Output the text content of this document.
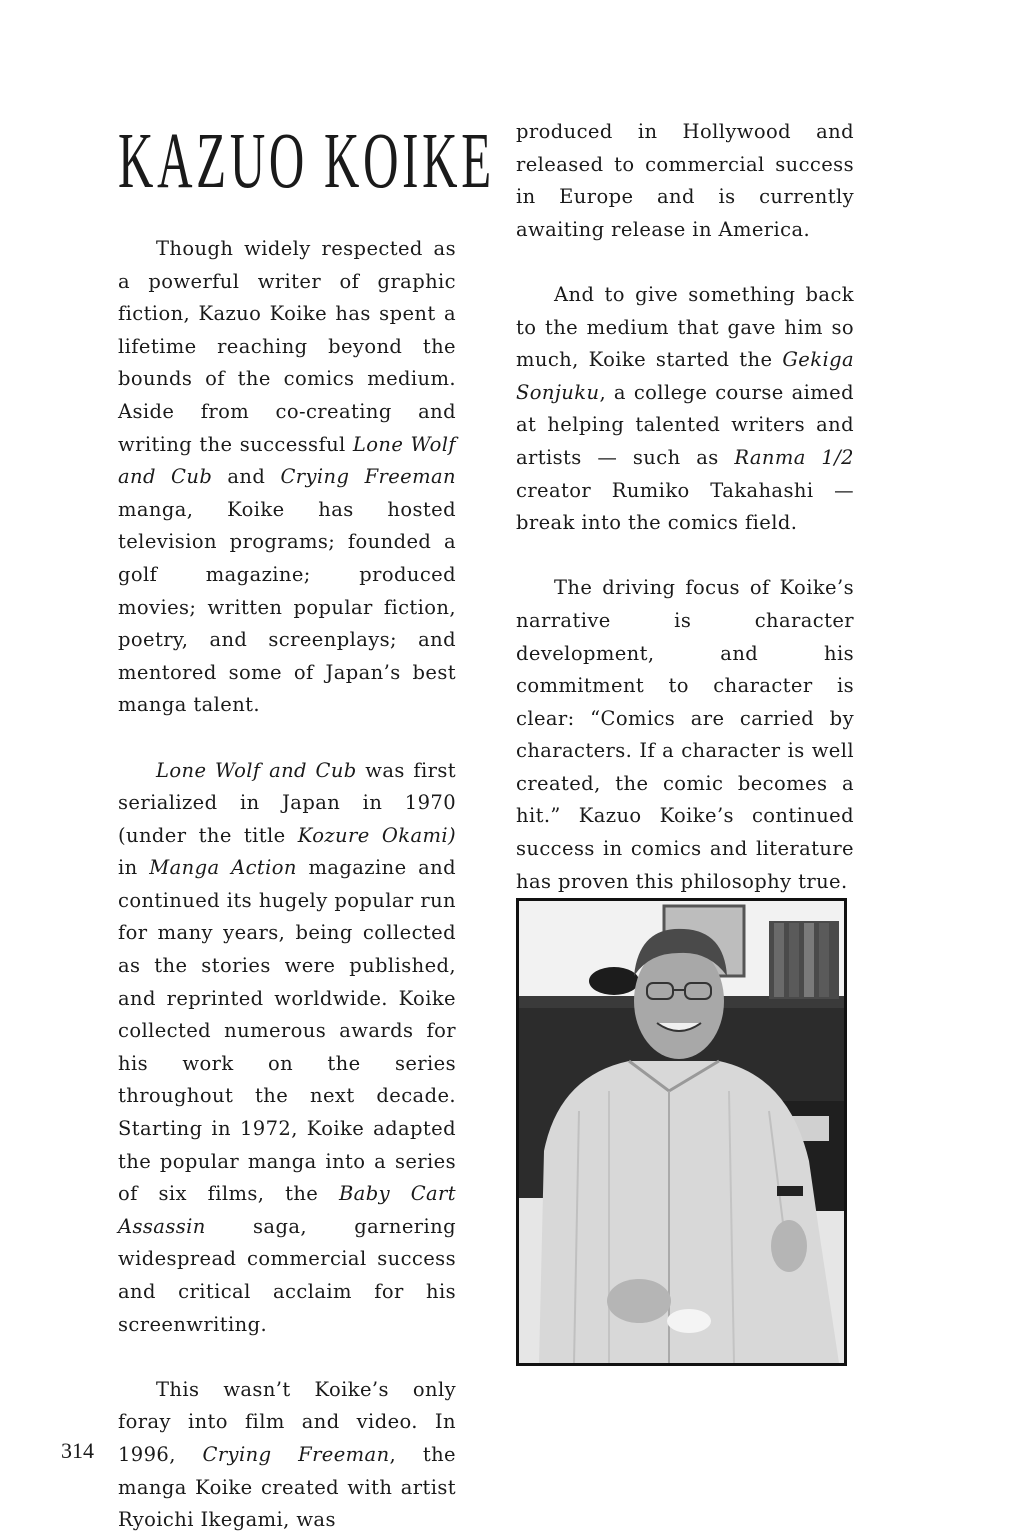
KAZUO KOIKE

Though widely respected as a powerful writer of graphic fiction, Kazuo Koike has spent a lifetime reaching beyond the bounds of the comics medium. Aside from co-creating and writing the successful Lone Wolf and Cub and Crying Freeman manga, Koike has hosted television programs; founded a golf magazine; produced movies; written popular fiction, poetry, and screenplays; and mentored some of Japan’s best manga talent.

Lone Wolf and Cub was first serialized in Japan in 1970 (under the title Kozure Okami) in Manga Action magazine and continued its hugely popular run for many years, being collected as the stories were published, and reprinted worldwide. Koike collected numerous awards for his work on the series throughout the next decade. Starting in 1972, Koike adapted the popular manga into a series of six films, the Baby Cart Assassin saga, garnering widespread commercial success and critical acclaim for his screenwriting.

This wasn’t Koike’s only foray into film and video. In 1996, Crying Freeman, the manga Koike created with artist Ryoichi Ikegami, was

produced in Hollywood and released to commercial success in Europe and is currently awaiting release in America.

And to give something back to the medium that gave him so much, Koike started the Gekiga Sonjuku, a college course aimed at helping talented writers and artists — such as Ranma 1/2 creator Rumiko Takahashi — break into the comics field.

The driving focus of Koike’s narrative is character development, and his commitment to character is clear: “Comics are carried by characters. If a character is well created, the comic becomes a hit.” Kazuo Koike’s continued success in comics and literature has proven this philosophy true.

314
